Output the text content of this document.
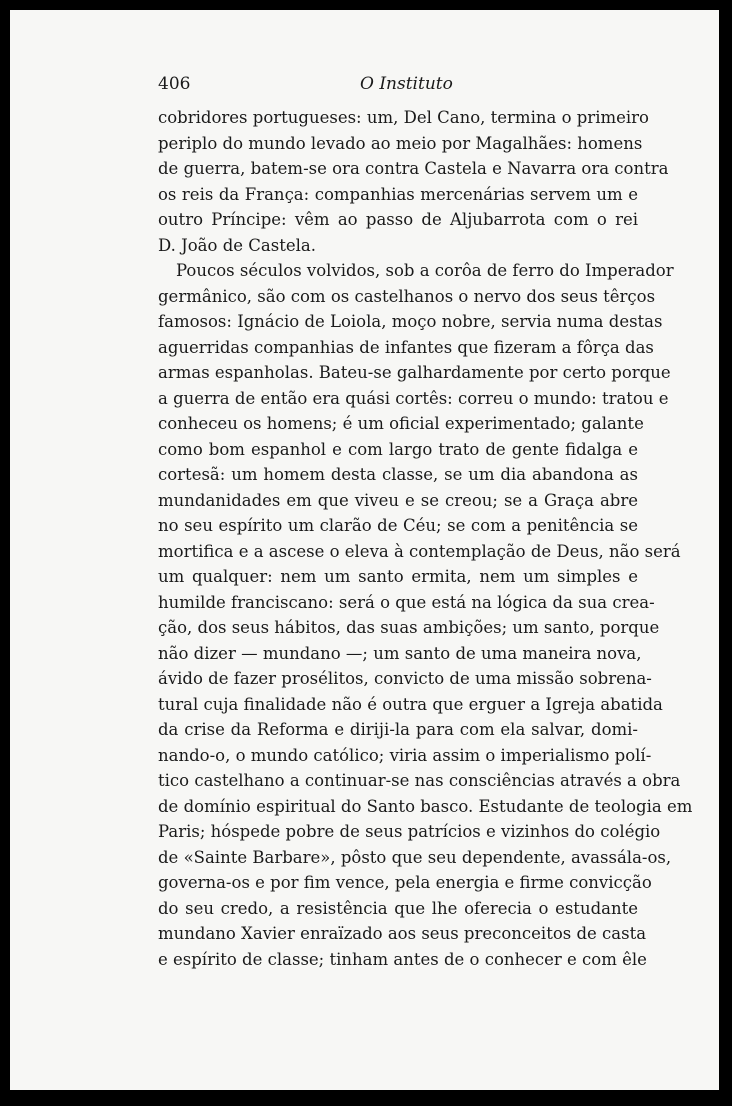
406	O Instituto
cobridores portugueses: um, Del Cano, termina o primeiro
periplo do mundo levado ao meio por Magalhães: homens
de guerra, batem-se ora contra Castela e Navarra ora contra
os reis da França: companhias mercenárias servem um e
outro Príncipe: vêm ao passo de Aljubarrota com o rei
D. João de Castela.
Poucos séculos volvidos, sob a corôa de ferro do Imperador
germânico, são com os castelhanos o nervo dos seus têrços
famosos: Ignácio de Loiola, moço nobre, servia numa destas
aguerridas companhias de infantes que fizeram a fôrça das
armas espanholas. Bateu-se galhardamente por certo porque
a guerra de então era quási cortês: correu o mundo: tratou e
conheceu os homens; é um oficial experimentado; galante
como bom espanhol e com largo trato de gente fidalga e
cortesã: um homem desta classe, se um dia abandona as
mundanidades em que viveu e se creou; se a Graça abre
no seu espírito um clarão de Céu; se com a penitência se
mortifica e a ascese o eleva à contemplação de Deus, não será
um qualquer: nem um santo ermita, nem um simples e
humilde franciscano: será o que está na lógica da sua crea-
ção, dos seus hábitos, das suas ambições; um santo, porque
não dizer — mundano —; um santo de uma maneira nova,
ávido de fazer prosélitos, convicto de uma missão sobrena-
tural cuja finalidade não é outra que erguer a Igreja abatida
da crise da Reforma e diriji-la para com ela salvar, domi-
nando-o, o mundo católico; viria assim o imperialismo polí-
tico castelhano a continuar-se nas consciências através a obra
de domínio espiritual do Santo basco. Estudante de teologia em
Paris; hóspede pobre de seus patrícios e vizinhos do colégio
de «Sainte Barbare», pôsto que seu dependente, avassála-os,
governa-os e por fim vence, pela energia e firme convicção
do seu credo, a resistência que lhe oferecia o estudante
mundano Xavier enraïzado aos seus preconceitos de casta
e espírito de classe; tinham antes de o conhecer e com êle
